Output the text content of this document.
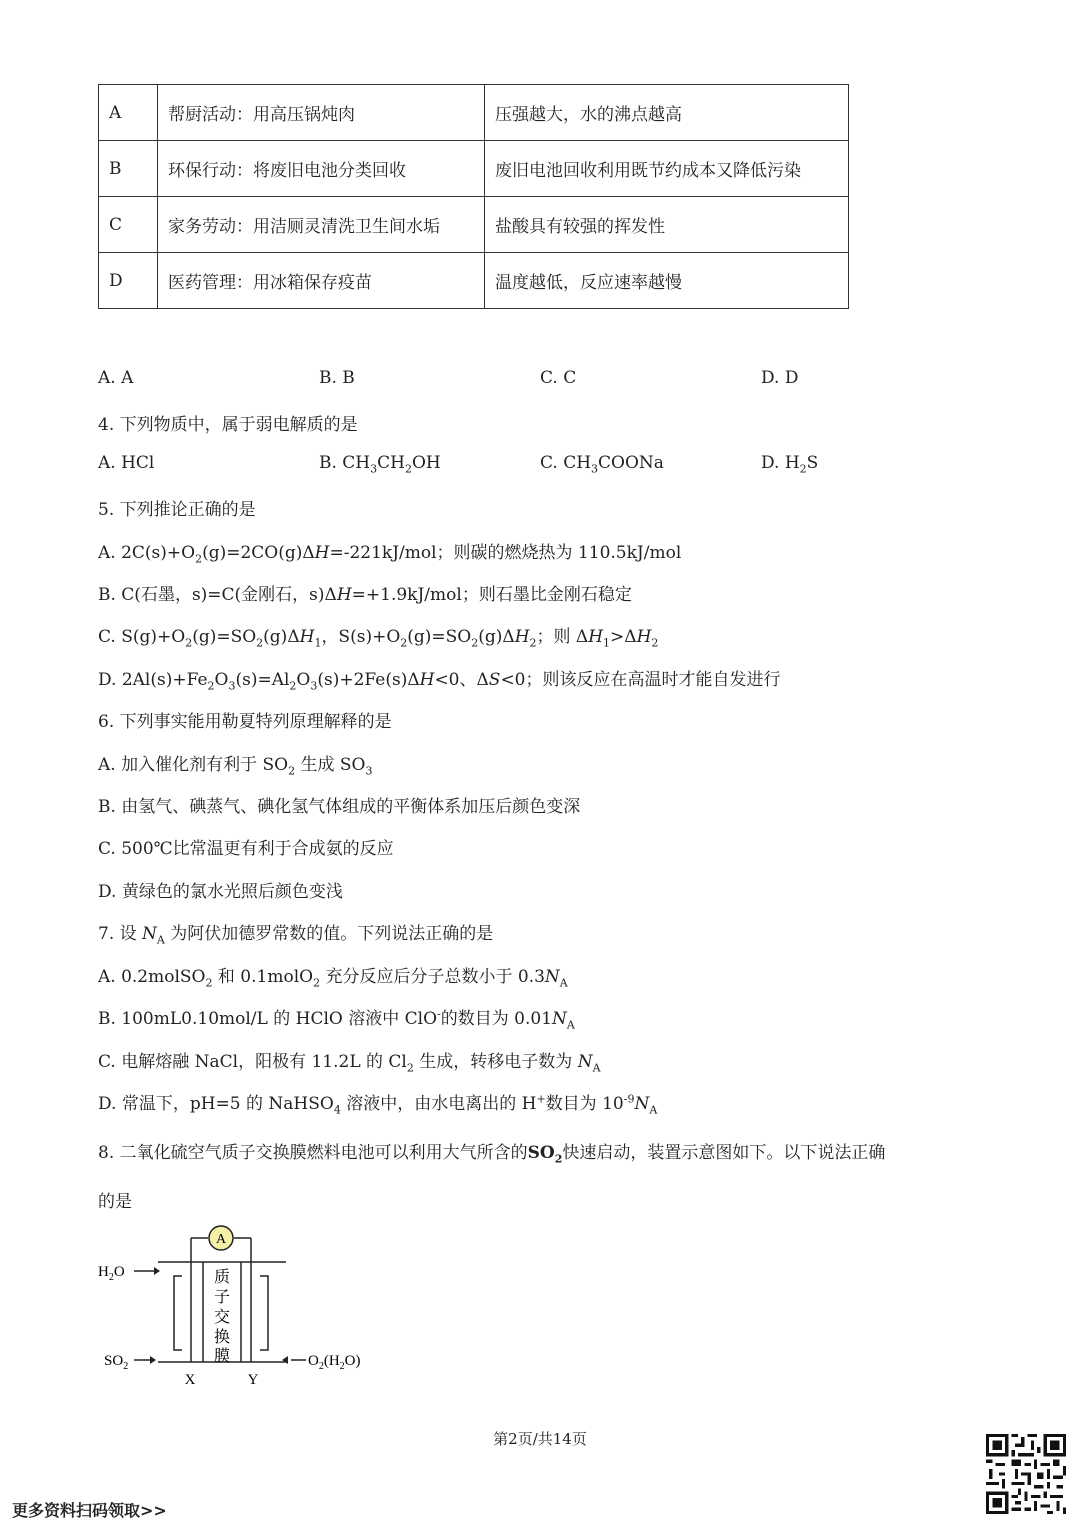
A	帮厨活动：用高压锅炖肉	压强越大，水的沸点越高
B	环保行动：将废旧电池分类回收	废旧电池回收利用既节约成本又降低污染
C	家务劳动：用洁厕灵清洗卫生间水垢	盐酸具有较强的挥发性
D	医药管理：用冰箱保存疫苗	温度越低，反应速率越慢
A. A	B. B	C. C	D. D
4. 下列物质中，属于弱电解质的是
A. HCl	B. $CH_3CH_2OH$	C. $CH_3COONa$	D. $H_2S$
5. 下列推论正确的是
A. $2C(s)+O_2(g)=2CO(g)\Delta H=-221kJ$/mol；则碳的燃烧热为 110.5kJ/mol
B. C(石墨，s)=C(金刚石，s)ΔH=+1.9kJ/mol；则石墨比金刚石稳定
C. $S(g)+O_2(g)=SO_2(g)\Delta H_1$，$S(s)+O_2(g)=SO_2(g)\Delta H_2$；则 $\Delta H_1>\Delta H_2$
D. $2Al(s)+Fe_2O_3(s)=Al_2O_3(s)+2Fe(s)\Delta H<0$、ΔS<0；则该反应在高温时才能自发进行
6. 下列事实能用勒夏特列原理解释的是
A. 加入催化剂有利于 $SO_2$ 生成 $SO_3$
B. 由氢气、碘蒸气、碘化氢气体组成的平衡体系加压后颜色变深
C. 500℃比常温更有利于合成氨的反应
D. 黄绿色的氯水光照后颜色变浅
7. 设 $N_A$ 为阿伏加德罗常数的值。下列说法正确的是
A. 0.2molSO$_2$ 和 0.1molO$_2$ 充分反应后分子总数小于 $0.3N_A$
B. 100mL0.10mol/L 的 HClO 溶液中 ClO-的数目为 $0.01N_A$
C. 电解熔融 NaCl，阳极有 11.2L 的 $Cl_2$ 生成，转移电子数为 $N_A$
D. 常温下，pH=5 的 NaHSO$_4$ 溶液中，由水电离出的 H+数目为 $10^{-9}N_A$
8. 二氧化硫空气质子交换膜燃料电池可以利用大气所含的$SO_2$快速启动，装置示意图如下。以下说法正确
的是
A
质
子
交
换
膜
$H_2O$
$SO_2$	$O_2(H_2O)$
X	Y
第2页/共14页
更多资料扫码领取>>
